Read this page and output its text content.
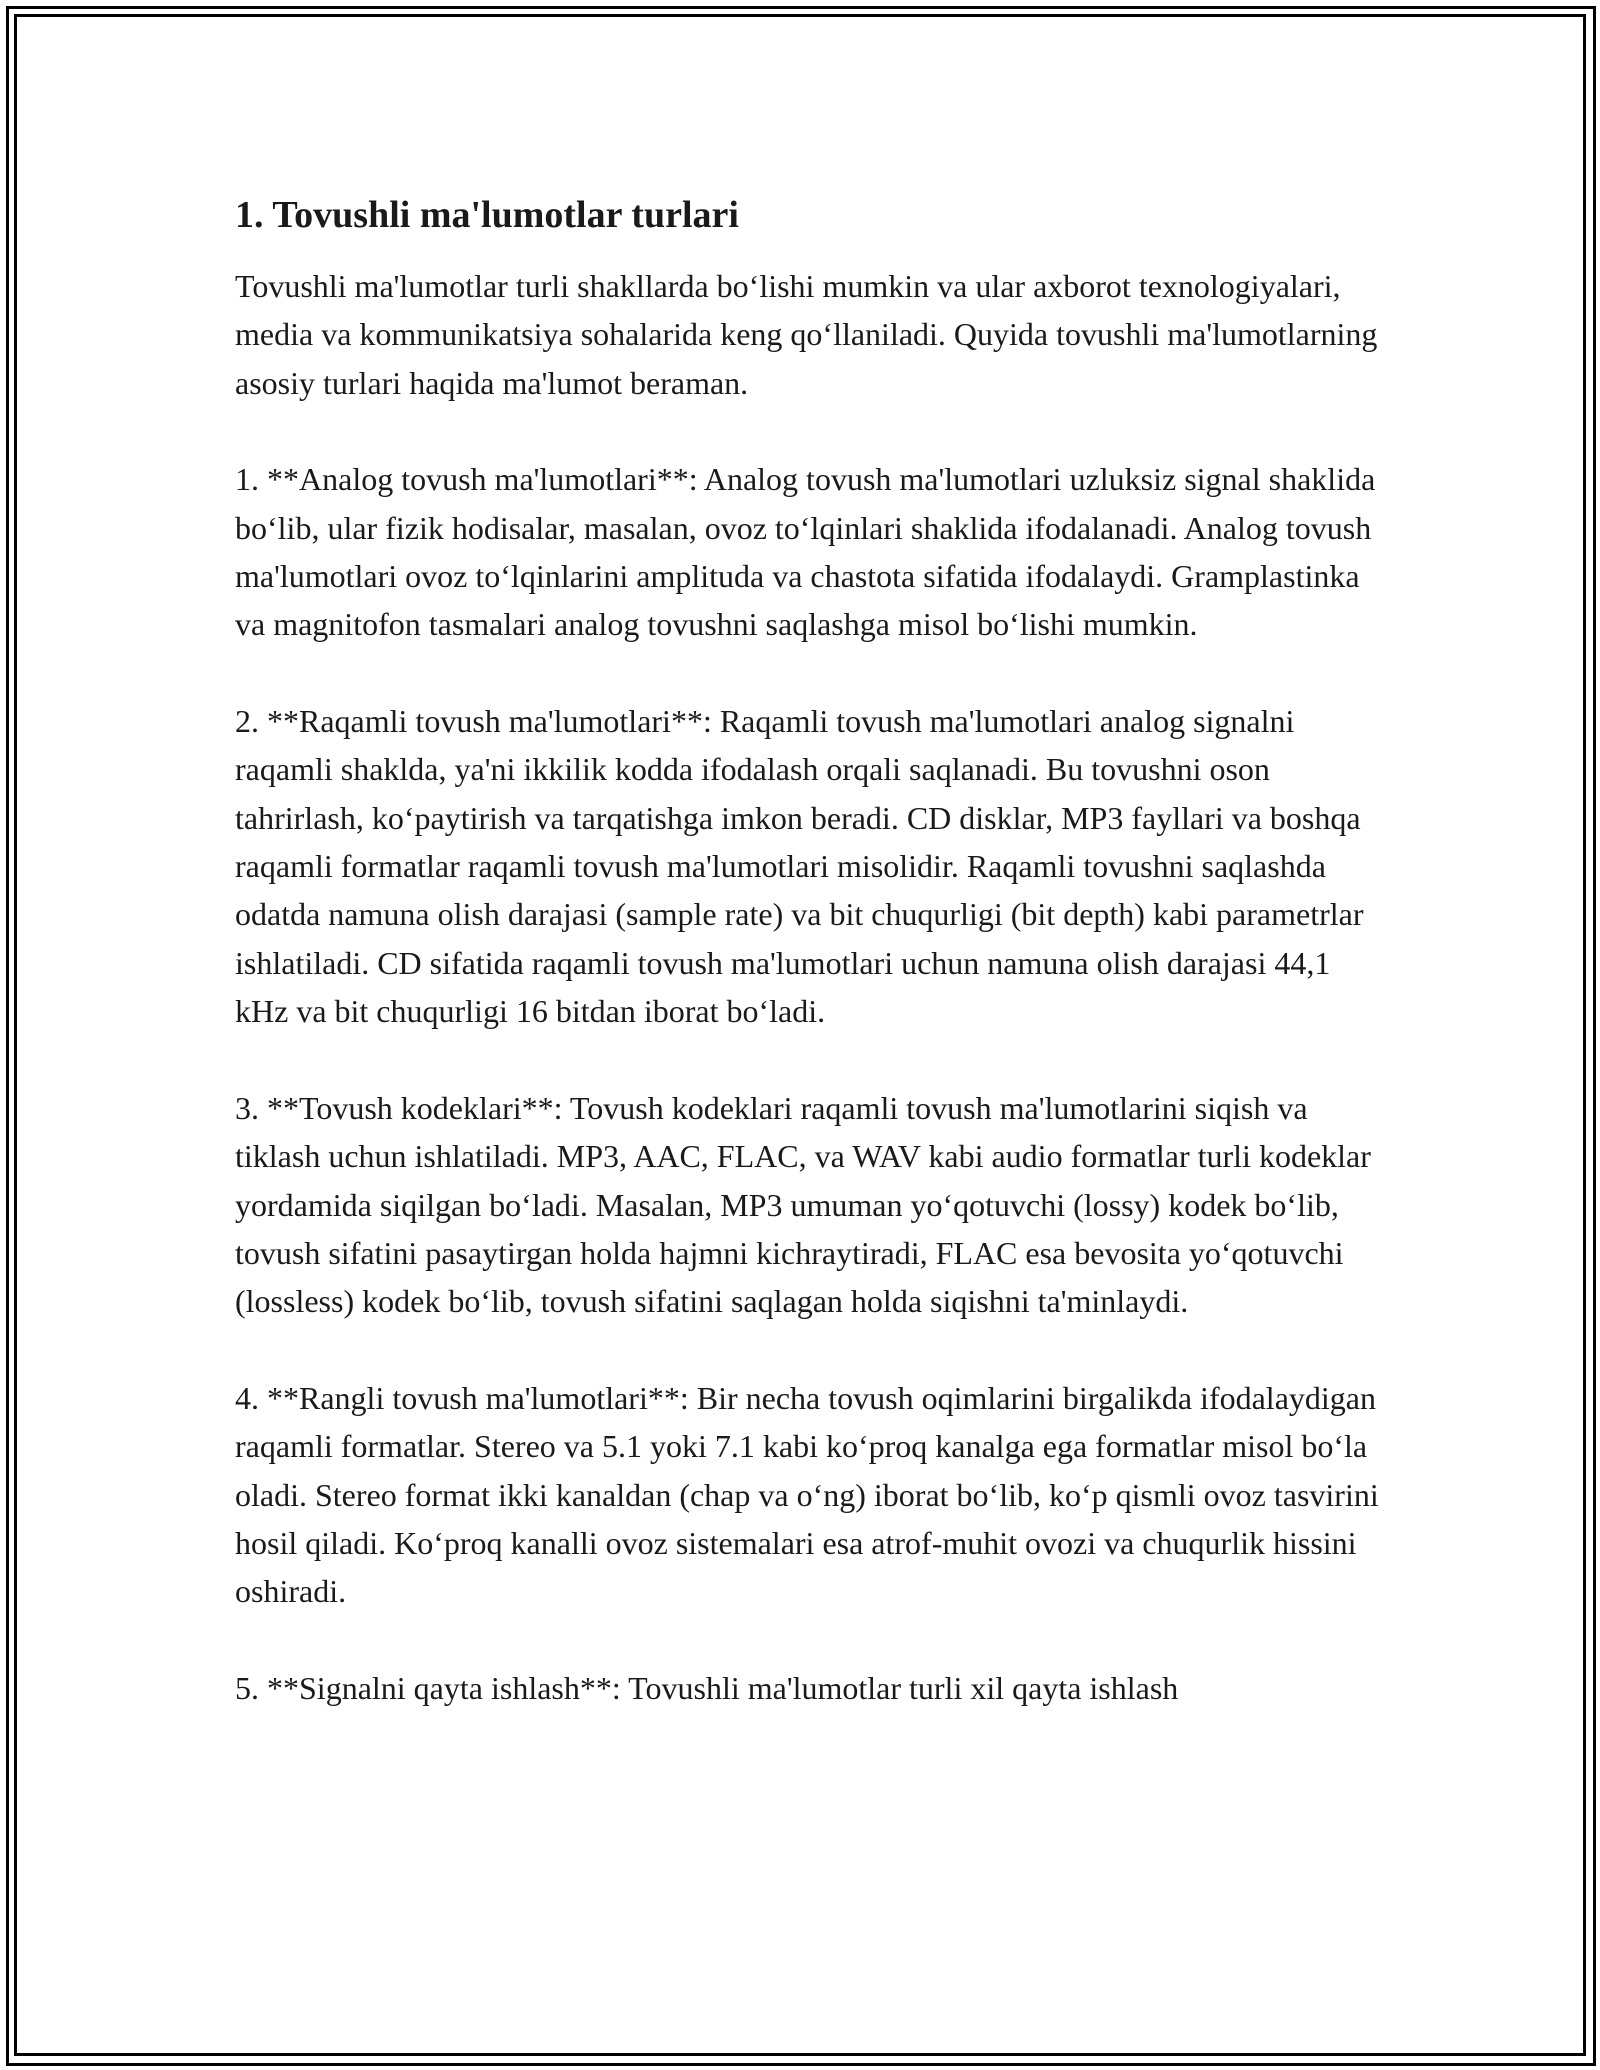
1. Tovushli ma'lumotlar turlari

Tovushli ma'lumotlar turli shakllarda bo‘lishi mumkin va ular axborot texnologiyalari, media va kommunikatsiya sohalarida keng qo‘llaniladi. Quyida tovushli ma'lumotlarning asosiy turlari haqida ma'lumot beraman.

1. **Analog tovush ma'lumotlari**: Analog tovush ma'lumotlari uzluksiz signal shaklida bo‘lib, ular fizik hodisalar, masalan, ovoz to‘lqinlari shaklida ifodalanadi. Analog tovush ma'lumotlari ovoz to‘lqinlarini amplituda va chastota sifatida ifodalaydi. Gramplastinka va magnitofon tasmalari analog tovushni saqlashga misol bo‘lishi mumkin.

2. **Raqamli tovush ma'lumotlari**: Raqamli tovush ma'lumotlari analog signalni raqamli shaklda, ya'ni ikkilik kodda ifodalash orqali saqlanadi. Bu tovushni oson tahrirlash, ko‘paytirish va tarqatishga imkon beradi. CD disklar, MP3 fayllari va boshqa raqamli formatlar raqamli tovush ma'lumotlari misolidir. Raqamli tovushni saqlashda odatda namuna olish darajasi (sample rate) va bit chuqurligi (bit depth) kabi parametrlar ishlatiladi. CD sifatida raqamli tovush ma'lumotlari uchun namuna olish darajasi 44,1 kHz va bit chuqurligi 16 bitdan iborat bo‘ladi.

3. **Tovush kodeklari**: Tovush kodeklari raqamli tovush ma'lumotlarini siqish va tiklash uchun ishlatiladi. MP3, AAC, FLAC, va WAV kabi audio formatlar turli kodeklar yordamida siqilgan bo‘ladi. Masalan, MP3 umuman yo‘qotuvchi (lossy) kodek bo‘lib, tovush sifatini pasaytirgan holda hajmni kichraytiradi, FLAC esa bevosita yo‘qotuvchi (lossless) kodek bo‘lib, tovush sifatini saqlagan holda siqishni ta'minlaydi.

4. **Rangli tovush ma'lumotlari**: Bir necha tovush oqimlarini birgalikda ifodalaydigan raqamli formatlar. Stereo va 5.1 yoki 7.1 kabi ko‘proq kanalga ega formatlar misol bo‘la oladi. Stereo format ikki kanaldan (chap va o‘ng) iborat bo‘lib, ko‘p qismli ovoz tasvirini hosil qiladi. Ko‘proq kanalli ovoz sistemalari esa atrof-muhit ovozi va chuqurlik hissini oshiradi.

5. **Signalni qayta ishlash**: Tovushli ma'lumotlar turli xil qayta ishlash
